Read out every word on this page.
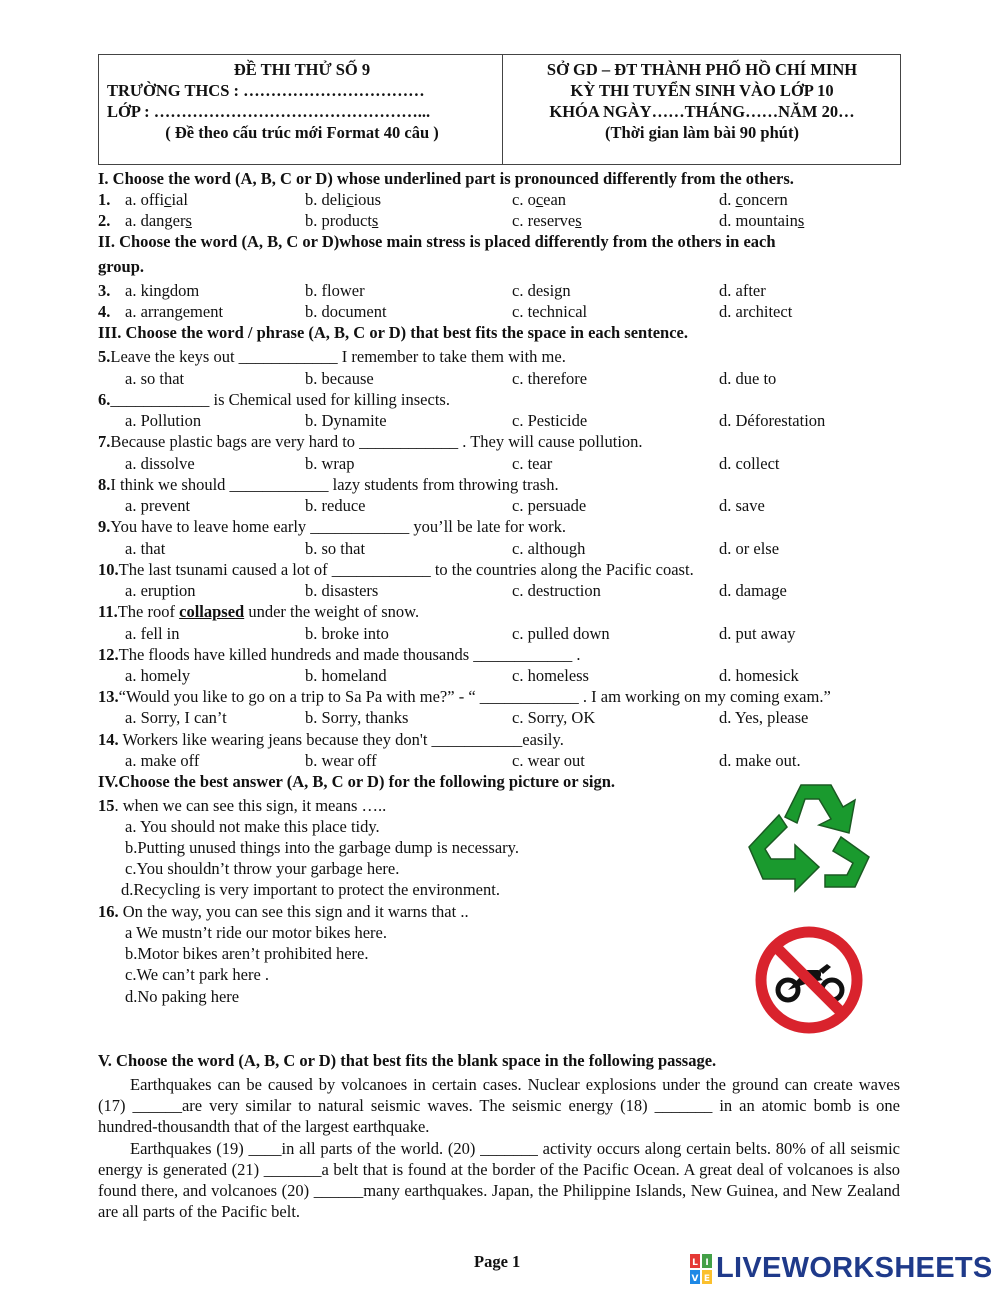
ĐỀ THI THỬ SỐ 9
TRƯỜNG THCS : ……………………………
LỚP : …………………………………………...
( Đề theo cấu trúc mới Format 40 câu )
SỞ GD – ĐT THÀNH PHỐ HỒ CHÍ MINH
KỲ THI TUYỂN SINH VÀO LỚP 10
KHÓA NGÀY……THÁNG……NĂM 20…
(Thời gian làm bài 90 phút)
I. Choose the word (A, B, C or D) whose underlined part is pronounced differently from the others.
1. a. official	b. delicious	c. ocean	d. concern
2. a. dangers	b. products	c. reserves	d. mountains
II. Choose the word (A, B, C or D)whose main stress is placed differently from the others in each
group.
3. a. kingdom	b. flower	c. design	d. after
4. a. arrangement	b. document	c. technical	d. architect
III. Choose the word / phrase (A, B, C or D) that best fits the space in each sentence.
5.Leave the keys out ____________ I remember to take them with me.
a. so that	b. because	c. therefore	d. due to
6.____________ is Chemical used for killing insects.
a. Pollution	b. Dynamite	c. Pesticide	d. Déforestation
7.Because plastic bags are very hard to ____________ . They will cause pollution.
a. dissolve	b. wrap	c. tear	d. collect
8.I think we should ____________ lazy students from throwing trash.
a. prevent	b. reduce	c. persuade	d. save
9.You have to leave home early ____________ you’ll be late for work.
a. that	b. so that	c. although	d. or else
10.The last tsunami caused a lot of ____________ to the countries along the Pacific coast.
a. eruption	b. disasters	c. destruction	d. damage
11.The roof collapsed under the weight of snow.
a. fell in	b. broke into	c. pulled down	d. put away
12.The floods have killed hundreds and made thousands ____________ .
a. homely	b. homeland	c. homeless	d. homesick
13.“Would you like to go on a trip to Sa Pa with me?” - “ ____________ . I am working on my coming exam.”
a. Sorry, I can’t	b. Sorry, thanks	c. Sorry, OK	d. Yes, please
14. Workers like wearing jeans because they don't ___________easily.
a. make off	b. wear off	c. wear out	d. make out.
IV.Choose the best answer (A, B, C or D) for the following picture or sign.
15. when we can see this sign, it means …..
a. You should not make this place tidy.
b.Putting unused things into the garbage dump is necessary.
c.You shouldn’t throw your garbage here.
d.Recycling is very important to protect the environment.
16. On the way, you can see this sign and it warns that ..
a We mustn’t ride our motor bikes here.
b.Motor bikes aren’t prohibited here.
c.We can’t park here .
d.No paking here
V. Choose the word (A, B, C or D) that best fits the blank space in the following passage.
Earthquakes can be caused by volcanoes in certain cases. Nuclear explosions under the ground can create waves (17) ______are very similar to natural seismic waves. The seismic energy (18) _______ in an atomic bomb is one hundred-thousandth that of the largest earthquake.
Earthquakes (19) ____in all parts of the world. (20) _______ activity occurs along certain belts. 80% of all seismic energy is generated (21) _______a belt that is found at the border of the Pacific Ocean. A great deal of volcanoes is also found there, and volcanoes (20) ______many earthquakes. Japan, the Philippine Islands, New Guinea, and New Zealand are all parts of the Pacific belt.
Page 1	L I
V E LIVEWORKSHEETS
